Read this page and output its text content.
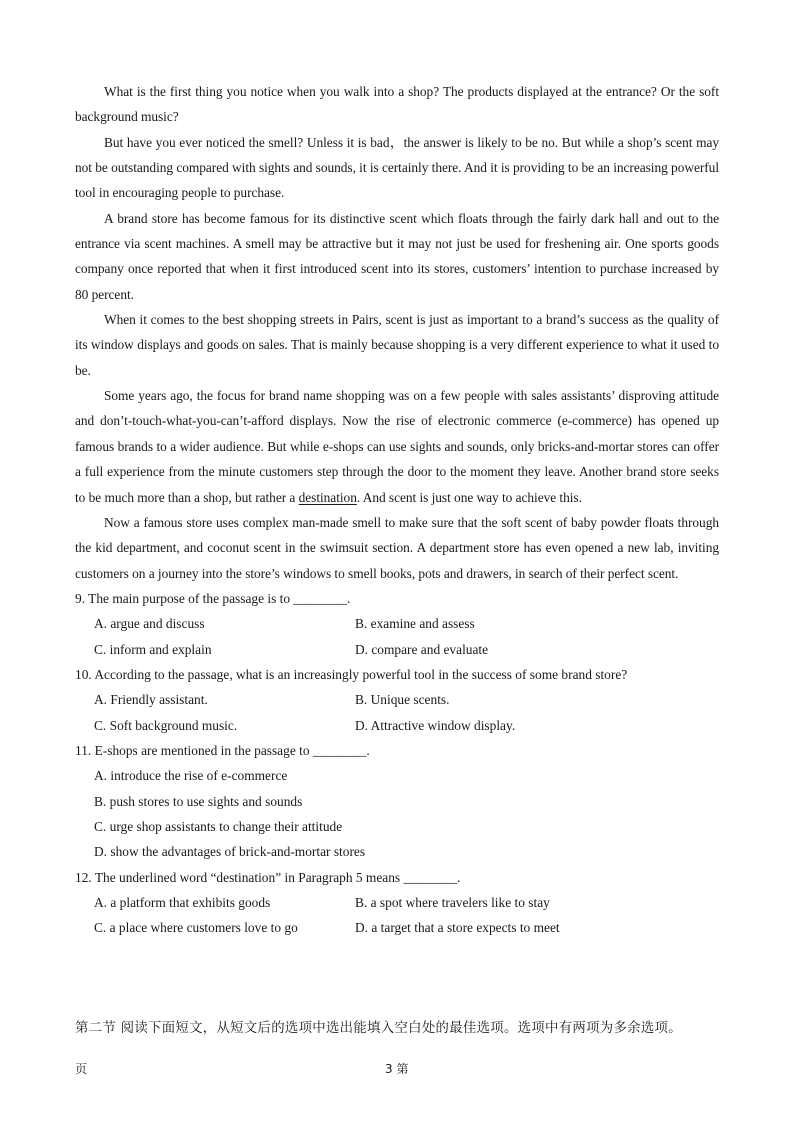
What is the first thing you notice when you walk into a shop? The products displayed at the entrance? Or the soft background music?

But have you ever noticed the smell? Unless it is bad，the answer is likely to be no. But while a shop’s scent may not be outstanding compared with sights and sounds, it is certainly there. And it is providing to be an increasing powerful tool in encouraging people to purchase.

A brand store has become famous for its distinctive scent which floats through the fairly dark hall and out to the entrance via scent machines. A smell may be attractive but it may not just be used for freshening air. One sports goods company once reported that when it first introduced scent into its stores, customers’ intention to purchase increased by 80 percent.

When it comes to the best shopping streets in Pairs, scent is just as important to a brand’s success as the quality of its window displays and goods on sales. That is mainly because shopping is a very different experience to what it used to be.

Some years ago, the focus for brand name shopping was on a few people with sales assistants’ disproving attitude and don’t-touch-what-you-can’t-afford displays. Now the rise of electronic commerce (e-commerce) has opened up famous brands to a wider audience. But while e-shops can use sights and sounds, only bricks-and-mortar stores can offer a full experience from the minute customers step through the door to the moment they leave. Another brand store seeks to be much more than a shop, but rather a destination. And scent is just one way to achieve this.

Now a famous store uses complex man-made smell to make sure that the soft scent of baby powder floats through the kid department, and coconut scent in the swimsuit section. A department store has even opened a new lab, inviting customers on a journey into the store’s windows to smell books, pots and drawers, in search of their perfect scent.

9. The main purpose of the passage is to ________.

A. argue and discuss	B. examine and assess
C. inform and explain	D. compare and evaluate

10. According to the passage, what is an increasingly powerful tool in the success of some brand store?

A. Friendly assistant.	B. Unique scents.
C. Soft background music.	D. Attractive window display.

11. E-shops are mentioned in the passage to ________.

A. introduce the rise of e-commerce
B. push stores to use sights and sounds
C. urge shop assistants to change their attitude
D. show the advantages of brick-and-mortar stores

12. The underlined word “destination” in Paragraph 5 means ________.

A. a platform that exhibits goods	B. a spot where travelers like to stay
C. a place where customers love to go	D. a target that a store expects to meet
第二节 阅读下面短文，从短文后的选项中选出能填入空白处的最佳选项。选项中有两项为多余选项。
页	3 第
